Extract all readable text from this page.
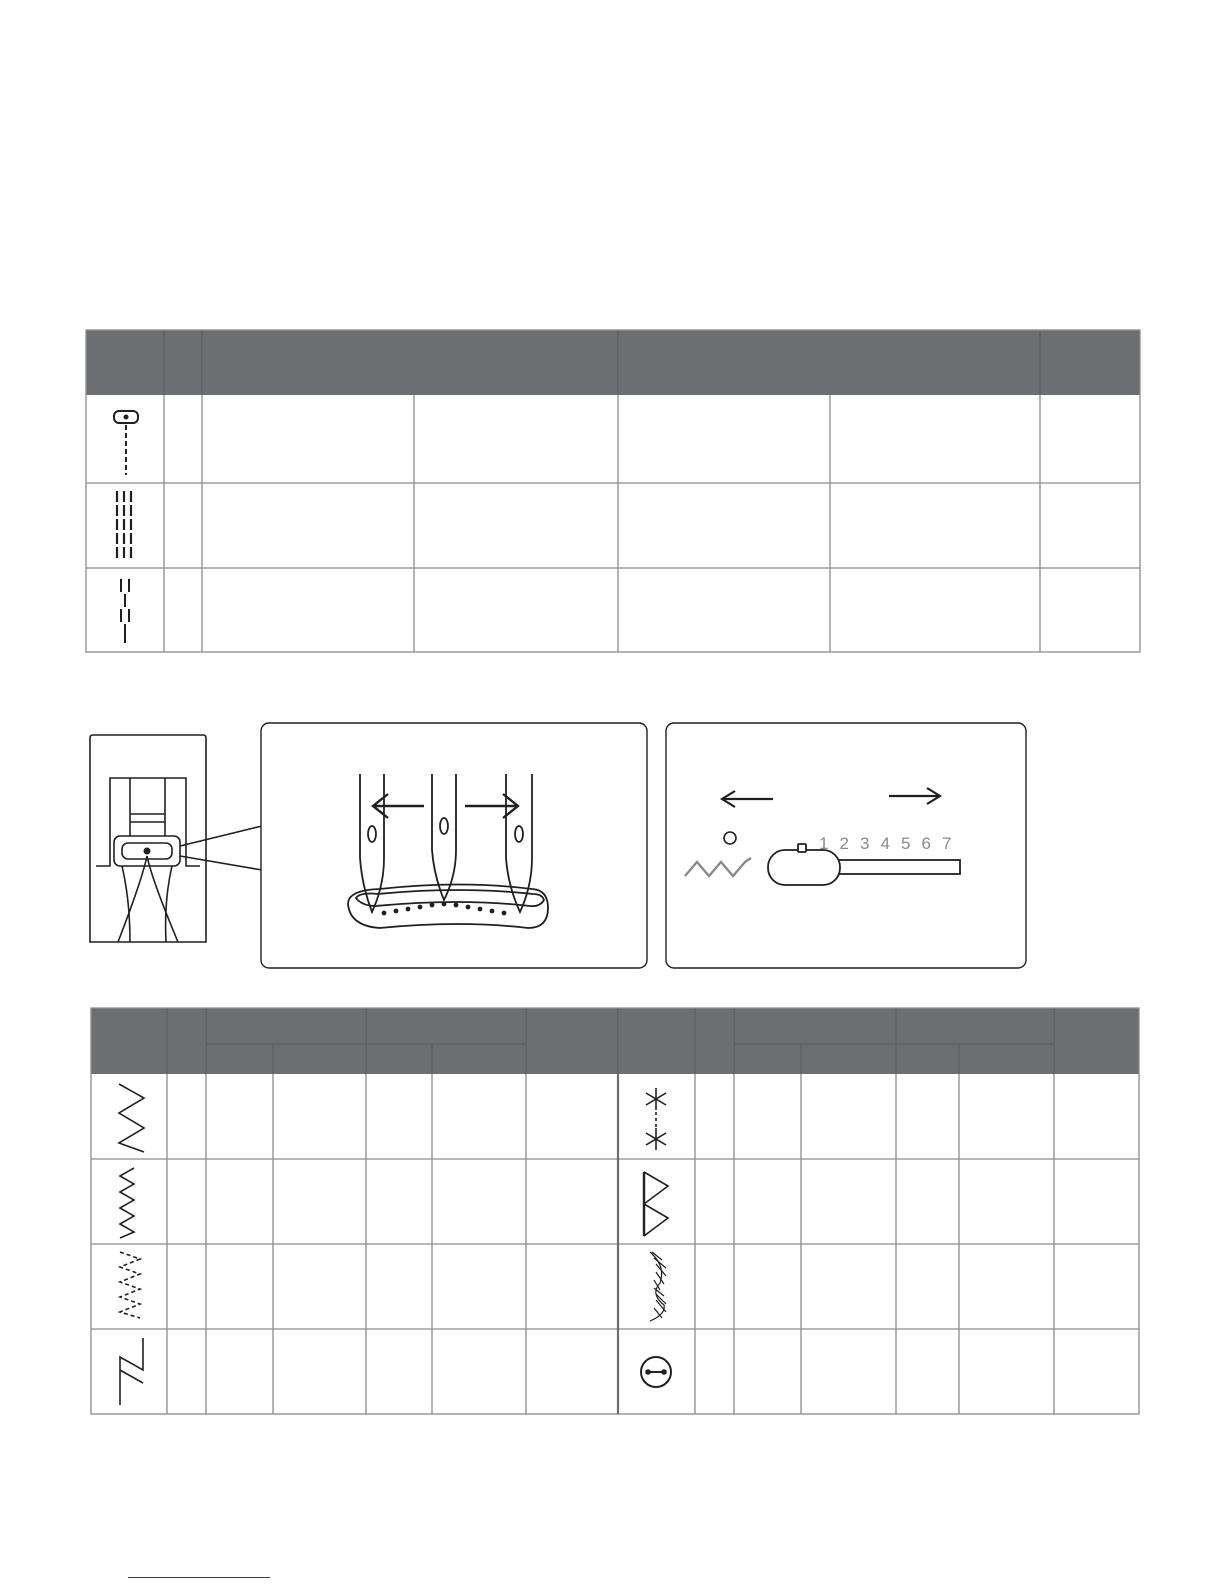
1 2 3 4 5 6 7
